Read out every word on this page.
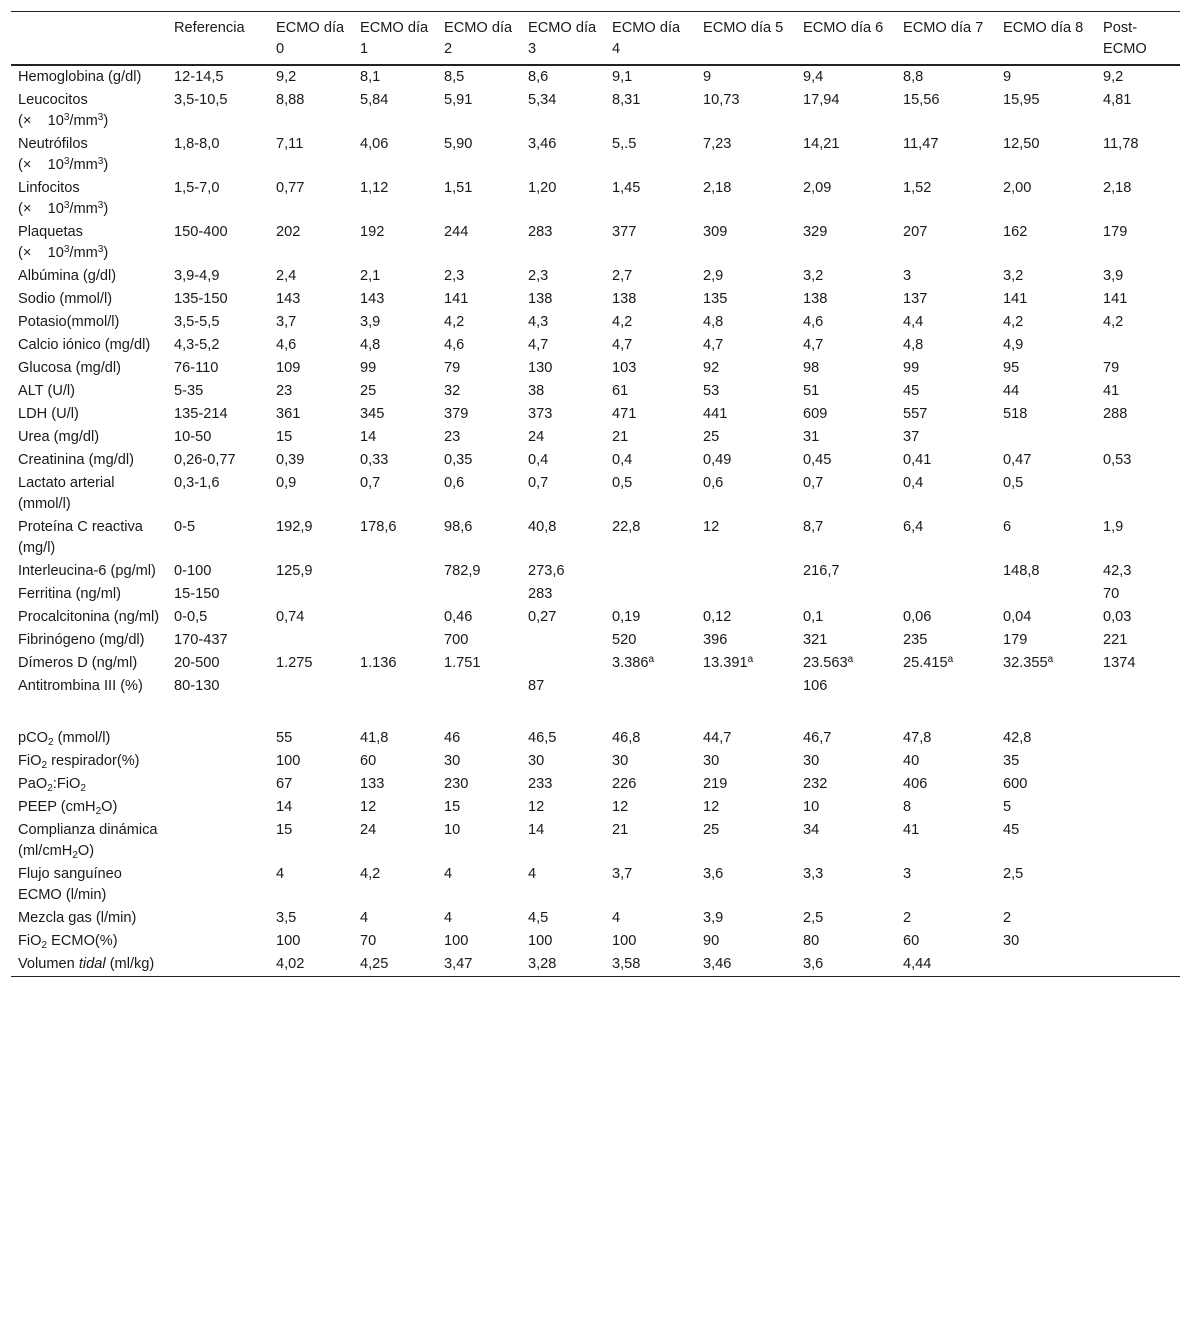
	Referencia	ECMO día 0	ECMO día 1	ECMO día 2	ECMO día 3	ECMO día 4	ECMO día 5	ECMO día 6	ECMO día 7	ECMO día 8	Post-ECMO
Hemoglobina (g/dl)	12-14,5	9,2	8,1	8,5	8,6	9,1	9	9,4	8,8	9	9,2
Leucocitos (×    $10^3/mm^3$)	3,5-10,5	8,88	5,84	5,91	5,34	8,31	10,73	17,94	15,56	15,95	4,81
Neutrófilos (×    $10^3/mm^3$)	1,8-8,0	7,11	4,06	5,90	3,46	5,.5	7,23	14,21	11,47	12,50	11,78
Linfocitos (×    $10^3/mm^3$)	1,5-7,0	0,77	1,12	1,51	1,20	1,45	2,18	2,09	1,52	2,00	2,18
Plaquetas (×    $10^3/mm^3$)	150-400	202	192	244	283	377	309	329	207	162	179
Albúmina (g/dl)	3,9-4,9	2,4	2,1	2,3	2,3	2,7	2,9	3,2	3	3,2	3,9
Sodio (mmol/l)	135-150	143	143	141	138	138	135	138	137	141	141
Potasio(mmol/l)	3,5-5,5	3,7	3,9	4,2	4,3	4,2	4,8	4,6	4,4	4,2	4,2
Calcio iónico (mg/dl)	4,3-5,2	4,6	4,8	4,6	4,7	4,7	4,7	4,7	4,8	4,9	
Glucosa (mg/dl)	76-110	109	99	79	130	103	92	98	99	95	79
ALT (U/l)	5-35	23	25	32	38	61	53	51	45	44	41
LDH (U/l)	135-214	361	345	379	373	471	441	609	557	518	288
Urea (mg/dl)	10-50	15	14	23	24	21	25	31	37		
Creatinina (mg/dl)	0,26-0,77	0,39	0,33	0,35	0,4	0,4	0,49	0,45	0,41	0,47	0,53
Lactato arterial (mmol/l)	0,3-1,6	0,9	0,7	0,6	0,7	0,5	0,6	0,7	0,4	0,5	
Proteína C reactiva (mg/l)	0-5	192,9	178,6	98,6	40,8	22,8	12	8,7	6,4	6	1,9
Interleucina-6 (pg/ml)	0-100	125,9		782,9	273,6			216,7		148,8	42,3
Ferritina (ng/ml)	15-150				283						70
Procalcitonina (ng/ml)	0-0,5	0,74		0,46	0,27	0,19	0,12	0,1	0,06	0,04	0,03
Fibrinógeno (mg/dl)	170-437			700		520	396	321	235	179	221
Dímeros D (ng/ml)	20-500	1.275	1.136	1.751		3.386$^a$	13.391$^a$	23.563$^a$	25.415$^a$	32.355$^a$	1374
Antitrombina III (%)	80-130				87			106			

pCO$_2$ (mmol/l)		55	41,8	46	46,5	46,8	44,7	46,7	47,8	42,8	
FiO$_2$ respirador(%)		100	60	30	30	30	30	30	40	35	
PaO$_2$:FiO$_2$		67	133	230	233	226	219	232	406	600	
PEEP (cmH$_2$O)		14	12	15	12	12	12	10	8	5	
Complianza dinámica (ml/cmH$_2$O)		15	24	10	14	21	25	34	41	45	
Flujo sanguíneo ECMO (l/min)		4	4,2	4	4	3,7	3,6	3,3	3	2,5	
Mezcla gas (l/min)		3,5	4	4	4,5	4	3,9	2,5	2	2	
FiO$_2$ ECMO(%)		100	70	100	100	100	90	80	60	30	
Volumen tidal (ml/kg)		4,02	4,25	3,47	3,28	3,58	3,46	3,6	4,44		
